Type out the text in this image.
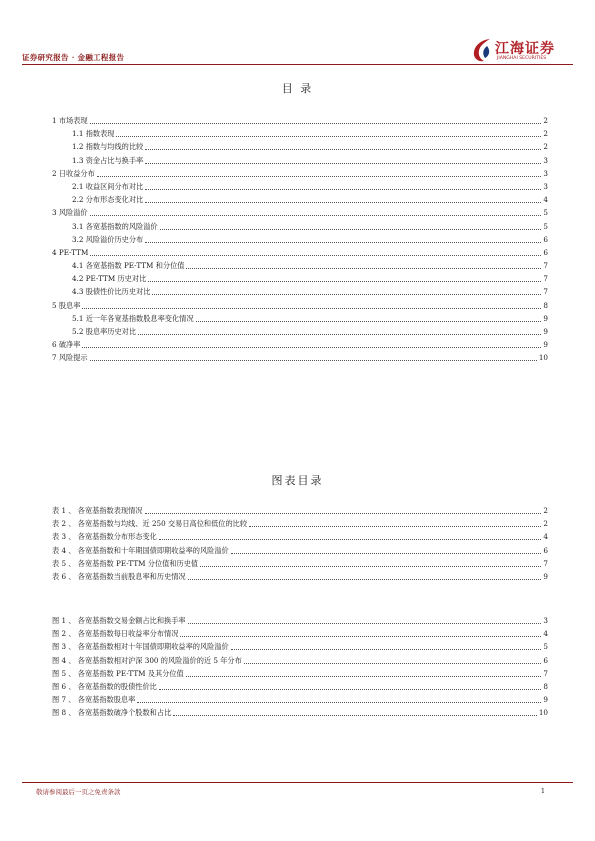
证券研究报告 · 金融工程报告
江海证券
JIANGHAI SECURITIES
目 录
1 市场表现	2
1.1 指数表现	2
1.2 指数与均线的比较	2
1.3 资金占比与换手率	3
2 日收益分布	3
2.1 收益区间分布对比	3
2.2 分布形态变化对比	4
3 风险溢价	5
3.1 各宽基指数的风险溢价	5
3.2 风险溢价历史分布	6
4 PE-TTM	6
4.1 各宽基指数 PE-TTM 和分位值	7
4.2 PE-TTM 历史对比	7
4.3 股债性价比历史对比	7
5 股息率	8
5.1 近一年各宽基指数股息率变化情况	9
5.2 股息率历史对比	9
6 破净率	9
7 风险提示	10
图表目录
表 1 、 各宽基指数表现情况	2
表 2 、 各宽基指数与均线、近 250 交易日高位和低位的比较	2
表 3 、 各宽基指数分布形态变化	4
表 4 、 各宽基指数和十年期国债即期收益率的风险溢价	6
表 5 、 各宽基指数 PE-TTM 分位值和历史值	7
表 6 、 各宽基指数当前股息率和历史情况	9
图 1 、 各宽基指数交易金额占比和换手率	3
图 2 、 各宽基指数每日收益率分布情况	4
图 3 、 各宽基指数相对十年国债即期收益率的风险溢价	5
图 4 、 各宽基指数相对沪深 300 的风险溢价的近 5 年分布	6
图 5 、 各宽基指数 PE-TTM 及其分位值	7
图 6 、 各宽基指数的股债性价比	8
图 7 、 各宽基指数股息率	9
图 8 、 各宽基指数破净个股数和占比	10
敬请参阅最后一页之免责条款	1
